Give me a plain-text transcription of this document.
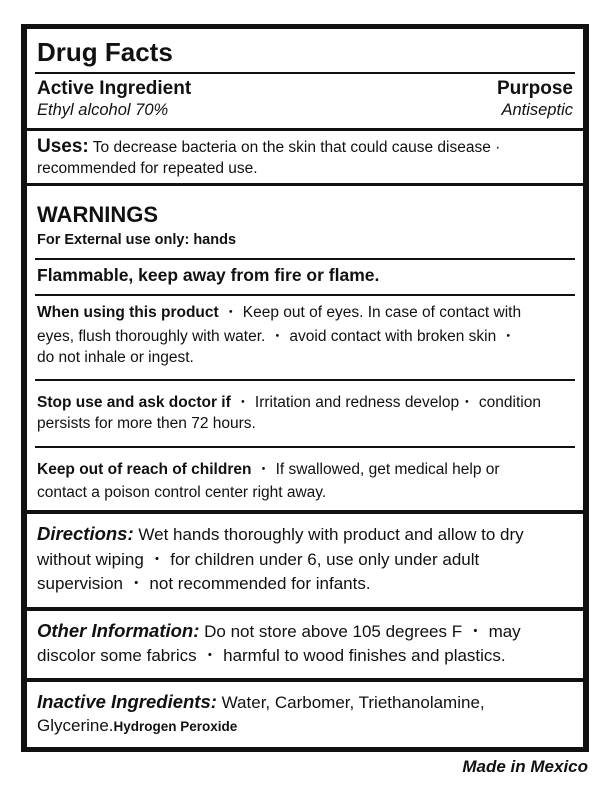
Drug Facts
Active Ingredient	Purpose
Ethyl alcohol 70%	Antiseptic
Uses: To decrease bacteria on the skin that could cause disease ·
recommended for repeated use.
WARNINGS
For External use only: hands
Flammable, keep away from fire or flame.
When using this product ・ Keep out of eyes. In case of contact with
eyes, flush thoroughly with water. ・ avoid contact with broken skin ・
do not inhale or ingest.
Stop use and ask doctor if ・ Irritation and redness develop・ condition
persists for more then 72 hours.
Keep out of reach of children ・ If swallowed, get medical help or
contact a poison control center right away.
Directions: Wet hands thoroughly with product and allow to dry
without wiping ・ for children under 6, use only under adult
supervision ・ not recommended for infants.
Other Information: Do not store above 105 degrees F ・ may
discolor some fabrics ・ harmful to wood finishes and plastics.
Inactive Ingredients: Water, Carbomer, Triethanolamine,
Glycerine.Hydrogen Peroxide
Made in Mexico
